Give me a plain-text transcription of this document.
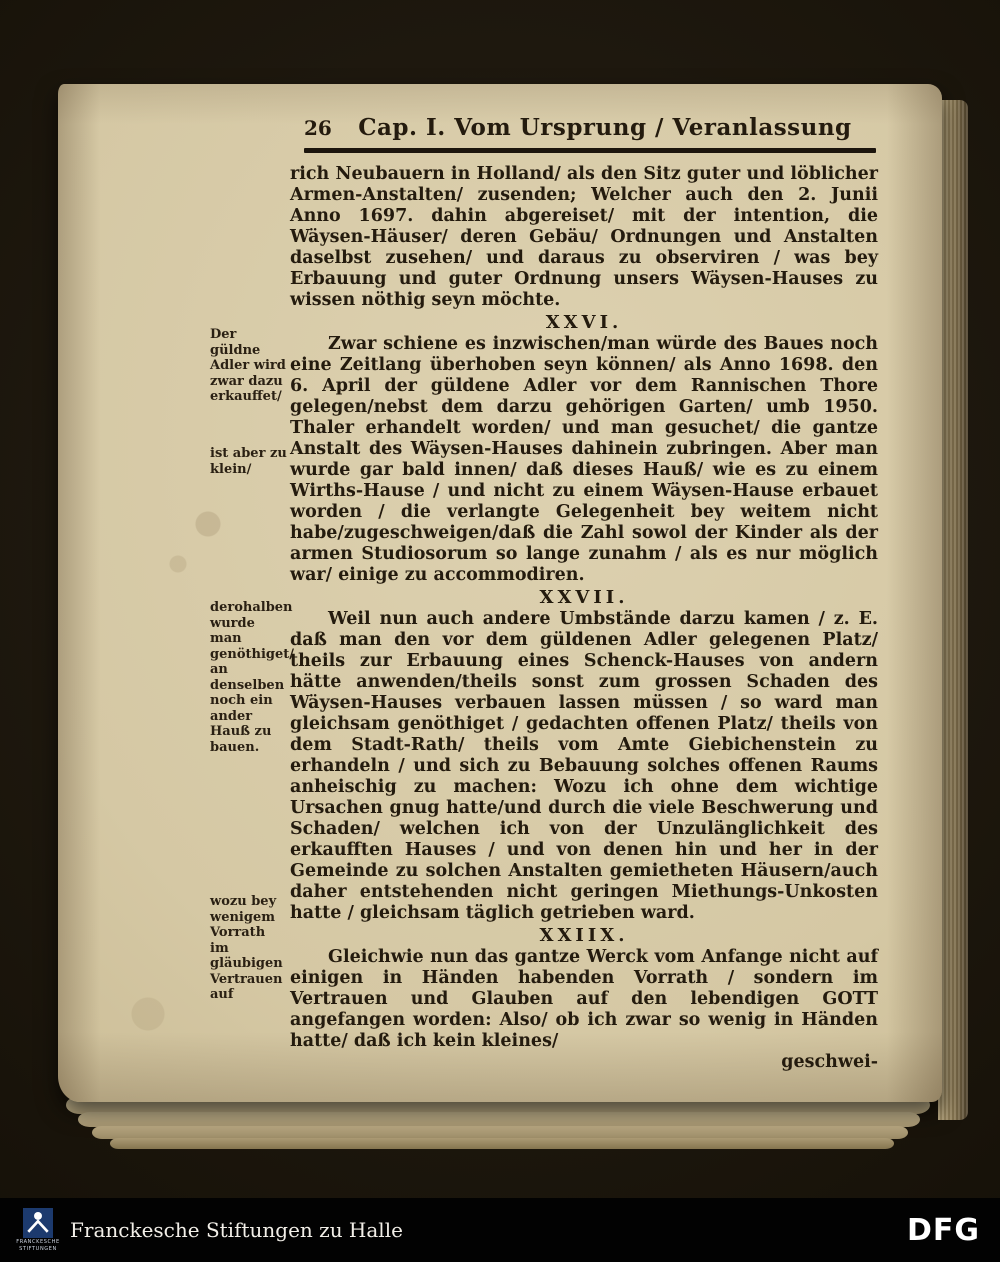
26	Cap. I. Vom Ursprung / Veranlassung
Der güldne Adler wird zwar dazu erkauffet/
ist aber zu klein/
derohalben wurde man genöthiget/ an denselben noch ein ander Hauß zu bauen.
wozu bey wenigem Vorrath im gläubigen Vertrauen auf

rich Neubauern in Holland/ als den Sitz guter und löblicher Armen-Anstalten/ zusenden; Welcher auch den 2. Junii Anno 1697. dahin abgereiset/ mit der intention, die Wäysen-Häuser/ deren Gebäu/ Ordnungen und Anstalten daselbst zusehen/ und daraus zu observiren / was bey Erbauung und guter Ordnung unsers Wäysen-Hauses zu wissen nöthig seyn möchte.

XXVI.

Zwar schiene es inzwischen/man würde des Baues noch eine Zeitlang überhoben seyn können/ als Anno 1698. den 6. April der güldene Adler vor dem Rannischen Thore gelegen/nebst dem darzu gehörigen Garten/ umb 1950. Thaler erhandelt worden/ und man gesuchet/ die gantze Anstalt des Wäysen-Hauses dahinein zubringen. Aber man wurde gar bald innen/ daß dieses Hauß/ wie es zu einem Wirths-Hause / und nicht zu einem Wäysen-Hause erbauet worden / die verlangte Gelegenheit bey weitem nicht habe/zugeschweigen/daß die Zahl sowol der Kinder als der armen Studiosorum so lange zunahm / als es nur möglich war/ einige zu accommodiren.

XXVII.

Weil nun auch andere Umbstände darzu kamen / z. E. daß man den vor dem güldenen Adler gelegenen Platz/ theils zur Erbauung eines Schenck-Hauses von andern hätte anwenden/theils sonst zum grossen Schaden des Wäysen-Hauses verbauen lassen müssen / so ward man gleichsam genöthiget / gedachten offenen Platz/ theils von dem Stadt-Rath/ theils vom Amte Giebichenstein zu erhandeln / und sich zu Bebauung solches offenen Raums anheischig zu machen: Wozu ich ohne dem wichtige Ursachen gnug hatte/und durch die viele Beschwerung und Schaden/ welchen ich von der Unzulänglichkeit des erkaufften Hauses / und von denen hin und her in der Gemeinde zu solchen Anstalten gemietheten Häusern/auch daher entstehenden nicht geringen Miethungs-Unkosten hatte / gleichsam täglich getrieben ward.

XXIIX.

Gleichwie nun das gantze Werck vom Anfange nicht auf einigen in Händen habenden Vorrath / sondern im Vertrauen und Glauben auf den lebendigen GOTT angefangen worden: Also/ ob ich zwar so wenig in Händen hatte/ daß ich kein kleines/

geschwei-

FRANCKESCHE
STIFTUNGEN
Franckesche Stiftungen zu Halle	DFG
